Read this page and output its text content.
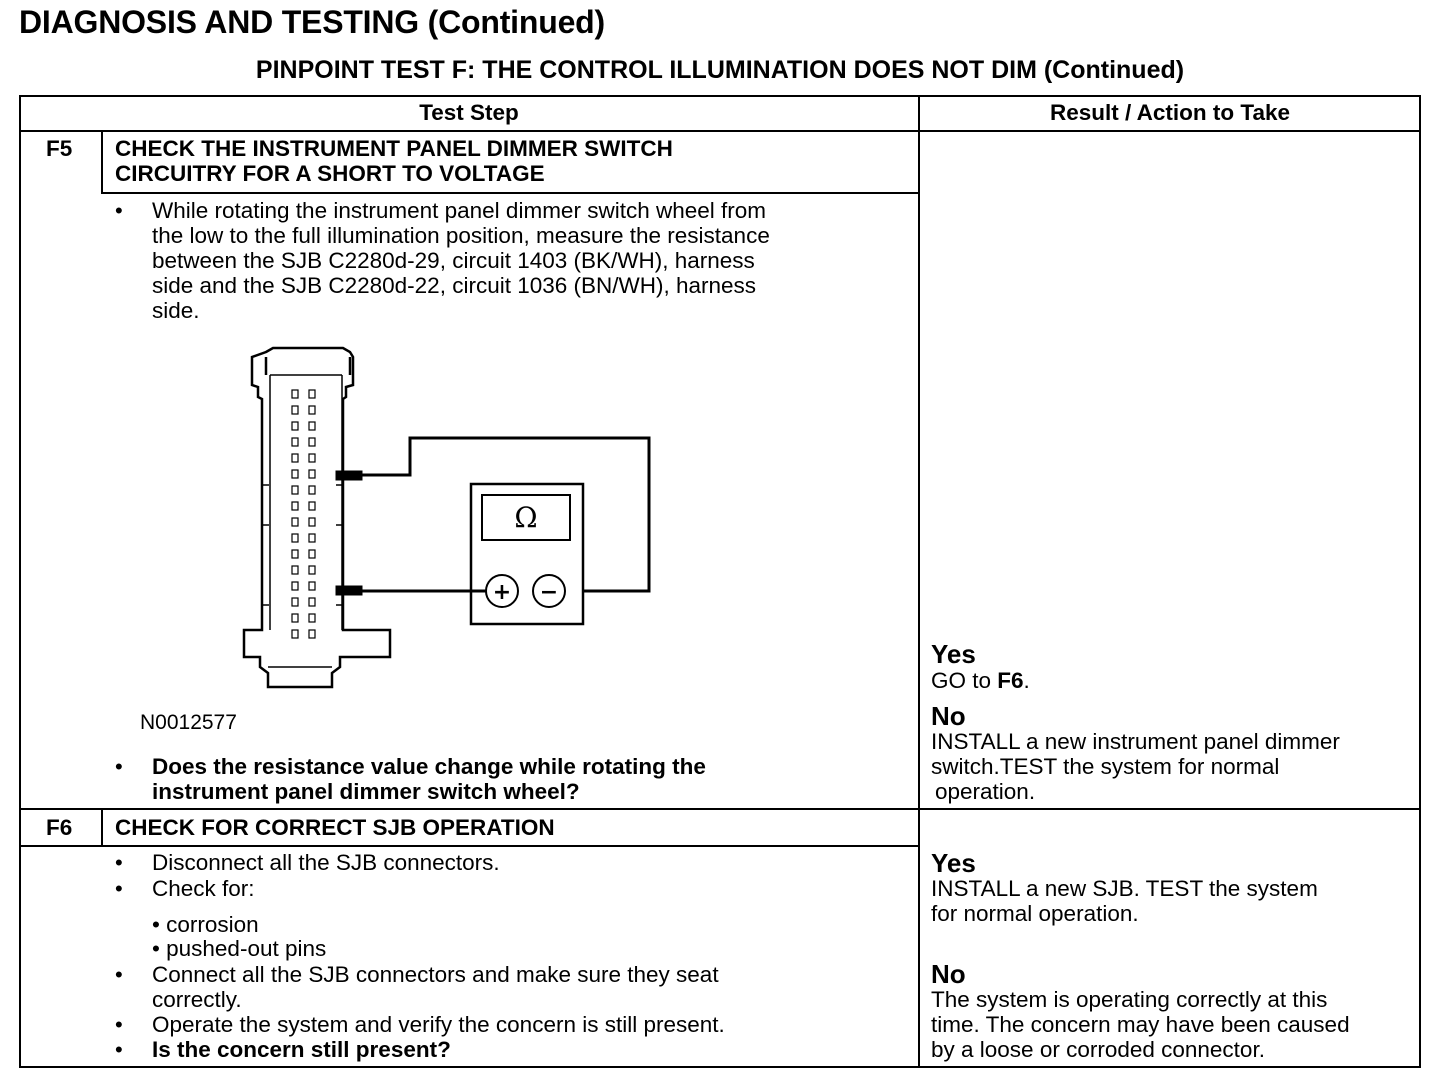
DIAGNOSIS AND TESTING (Continued)
PINPOINT TEST F: THE CONTROL ILLUMINATION DOES NOT DIM (Continued)
Test Step	Result / Action to Take
F5 CHECK THE INSTRUMENT PANEL DIMMER SWITCH
CIRCUITRY FOR A SHORT TO VOLTAGE
• While rotating the instrument panel dimmer switch wheel from
the low to the full illumination position, measure the resistance
between the SJB C2280d-29, circuit 1403 (BK/WH), harness
side and the SJB C2280d-22, circuit 1036 (BN/WH), harness
side.
Ω
+ −
N0012577
• Does the resistance value change while rotating the
instrument panel dimmer switch wheel?
Yes
GO to F6.
No
INSTALL a new instrument panel dimmer
switch.TEST the system for normal
operation.
F6 CHECK FOR CORRECT SJB OPERATION
• Disconnect all the SJB connectors.
• Check for:
• corrosion
• pushed-out pins
• Connect all the SJB connectors and make sure they seat
correctly.
• Operate the system and verify the concern is still present.
• Is the concern still present?
Yes
INSTALL a new SJB. TEST the system
for normal operation.
No
The system is operating correctly at this
time. The concern may have been caused
by a loose or corroded connector.
